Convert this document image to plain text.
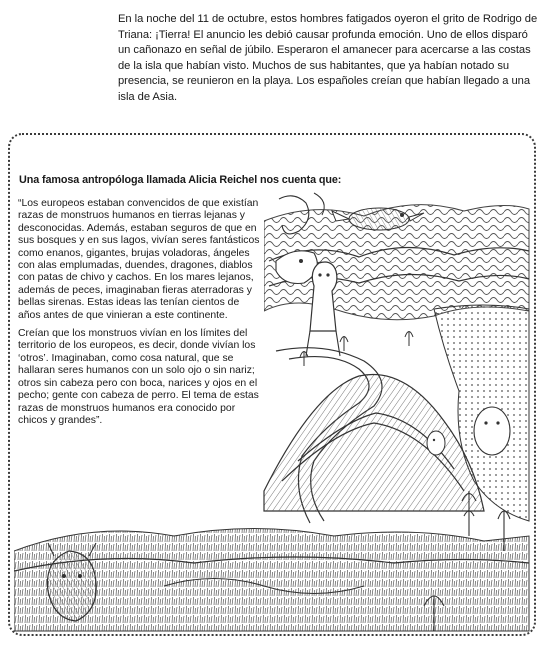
En la noche del 11 de octubre, estos hombres fatigados oyeron el grito de Rodrigo de Triana: ¡Tierra! El anuncio les debió causar profunda emoción. Uno de ellos disparó un cañonazo en señal de júbilo. Esperaron el amanecer para acercarse a las costas de la isla que habían visto. Muchos de sus habitantes, que ya habían notado su presencia, se reunieron en la playa. Los españoles creían que habían llegado a una isla de Asia.

Una famosa antropóloga llamada Alicia Reichel nos cuenta que:

“Los europeos estaban convencidos de que existían razas de monstruos humanos en tierras lejanas y desconocidas. Además, estaban seguros de que en sus bosques y en sus lagos, vivían seres fantásticos como enanos, gigantes, brujas voladoras, ángeles con alas emplumadas, duendes, dragones, diablos con patas de chivo y cachos. En los mares lejanos, además de peces, imaginaban fieras aterradoras y bellas sirenas. Estas ideas las tenían cientos de años antes de que vinieran a este continente.

Creían que los monstruos vivían en los límites del territorio de los europeos, es decir, donde vivían los ‘otros’. Imaginaban, como cosa natural, que se hallaran seres humanos con un solo ojo o sin nariz; otros sin cabeza pero con boca, narices y ojos en el pecho; gente con cabeza de perro. El tema de estas razas de monstruos humanos era conocido por chicos y grandes”.
